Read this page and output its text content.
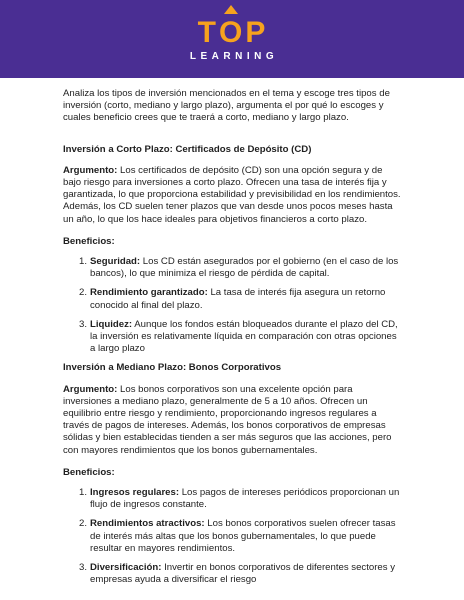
T O P
LEARNING

Analiza los tipos de inversión mencionados en el tema y escoge tres tipos de inversión (corto, mediano y largo plazo), argumenta el por qué lo escoges y cuales beneficio crees que te traerá a corto, mediano y largo plazo.

Inversión a Corto Plazo: Certificados de Depósito (CD)

Argumento: Los certificados de depósito (CD) son una opción segura y de bajo riesgo para inversiones a corto plazo. Ofrecen una tasa de interés fija y garantizada, lo que proporciona estabilidad y previsibilidad en los rendimientos. Además, los CD suelen tener plazos que van desde unos pocos meses hasta un año, lo que los hace ideales para objetivos financieros a corto plazo.

Beneficios:

1. Seguridad: Los CD están asegurados por el gobierno (en el caso de los bancos), lo que minimiza el riesgo de pérdida de capital.
2. Rendimiento garantizado: La tasa de interés fija asegura un retorno conocido al final del plazo.
3. Liquidez: Aunque los fondos están bloqueados durante el plazo del CD, la inversión es relativamente líquida en comparación con otras opciones a largo plazo

Inversión a Mediano Plazo: Bonos Corporativos

Argumento: Los bonos corporativos son una excelente opción para inversiones a mediano plazo, generalmente de 5 a 10 años. Ofrecen un equilibrio entre riesgo y rendimiento, proporcionando ingresos regulares a través de pagos de intereses. Además, los bonos corporativos de empresas sólidas y bien establecidas tienden a ser más seguros que las acciones, pero con mayores rendimientos que los bonos gubernamentales.

Beneficios:

1. Ingresos regulares: Los pagos de intereses periódicos proporcionan un flujo de ingresos constante.
2. Rendimientos atractivos: Los bonos corporativos suelen ofrecer tasas de interés más altas que los bonos gubernamentales, lo que puede resultar en mayores rendimientos.
3. Diversificación: Invertir en bonos corporativos de diferentes sectores y empresas ayuda a diversificar el riesgo
